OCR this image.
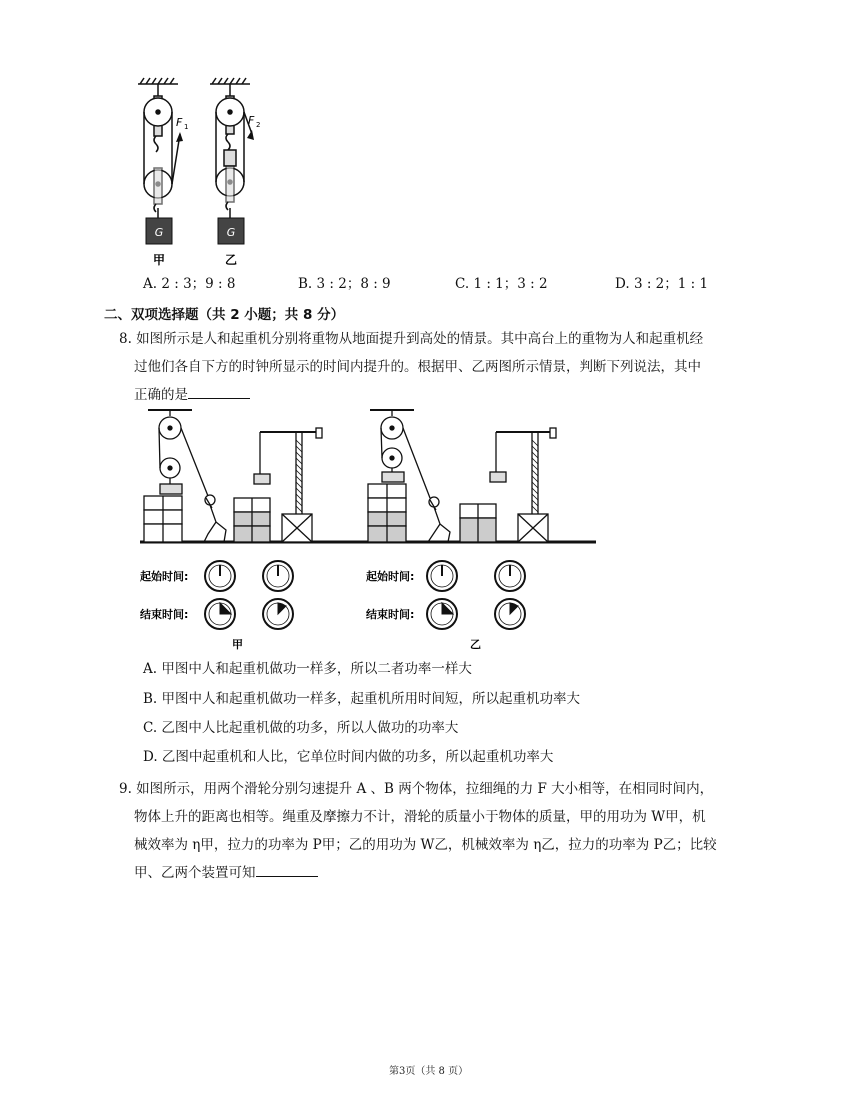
F 1
G
甲
F 2
G
乙
A. 2 : 3；9 : 8	B. 3 : 2；8 : 9	C. 1 : 1；3 : 2	D. 3 : 2；1 : 1
二、双项选择题（共 2 小题；共 8 分）
8. 如图所示是人和起重机分别将重物从地面提升到高处的情景。其中高台上的重物为人和起重机经
过他们各自下方的时钟所显示的时间内提升的。根据甲、乙两图所示情景，判断下列说法，其中
正确的是
起始时间:
结束时间:
起始时间:
结束时间:
甲	乙
A. 甲图中人和起重机做功一样多，所以二者功率一样大
B. 甲图中人和起重机做功一样多，起重机所用时间短，所以起重机功率大
C. 乙图中人比起重机做的功多，所以人做功的功率大
D. 乙图中起重机和人比，它单位时间内做的功多，所以起重机功率大
9. 如图所示，用两个滑轮分别匀速提升 A 、B 两个物体，拉细绳的力 F 大小相等，在相同时间内，
物体上升的距离也相等。绳重及摩擦力不计，滑轮的质量小于物体的质量，甲的用功为 W甲，机
械效率为 η甲，拉力的功率为 P甲；乙的用功为 W乙，机械效率为 η乙，拉力的功率为 P乙；比较
甲、乙两个装置可知
第3页（共 8 页）
